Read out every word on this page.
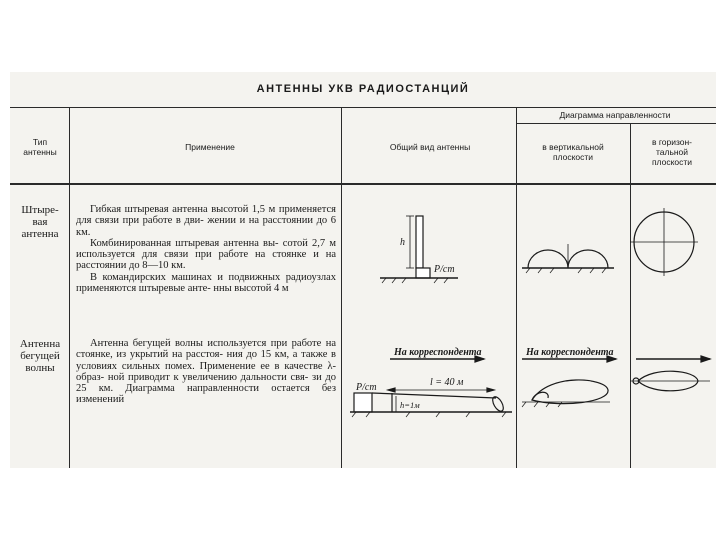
АНТЕННЫ УКВ РАДИОСТАНЦИЙ
Тип антенны	Применение	Общий вид антенны
Диаграмма направленности
в вертикальной плоскости
в горизон- тальной плоскости
Штыре- вая антенна

Гибкая штыревая антенна высотой 1,5 м применяется для связи при работе в дви- жении и на расстоянии до 6 км.

Комбинированная штыревая антенна вы- сотой 2,7 м используется для связи при работе на стоянке и на расстоянии до 8—10 км.

В командирских машинах и подвижных радиоузлах применяются штыревые анте- нны высотой 4 м

Антенна бегущей волны

Антенна бегущей волны используется при работе на стоянке, из укрытий на расстоя- ния до 15 км, а также в условиях сильных помех. Применение ее в качестве λ-образ- ной приводит к увеличению дальности свя- зи до 25 км. Диаграмма направленности остается без изменений

h
Р/ст
На корреспондента
l = 40 м
Р/ст
h=1м
На корреспондента
